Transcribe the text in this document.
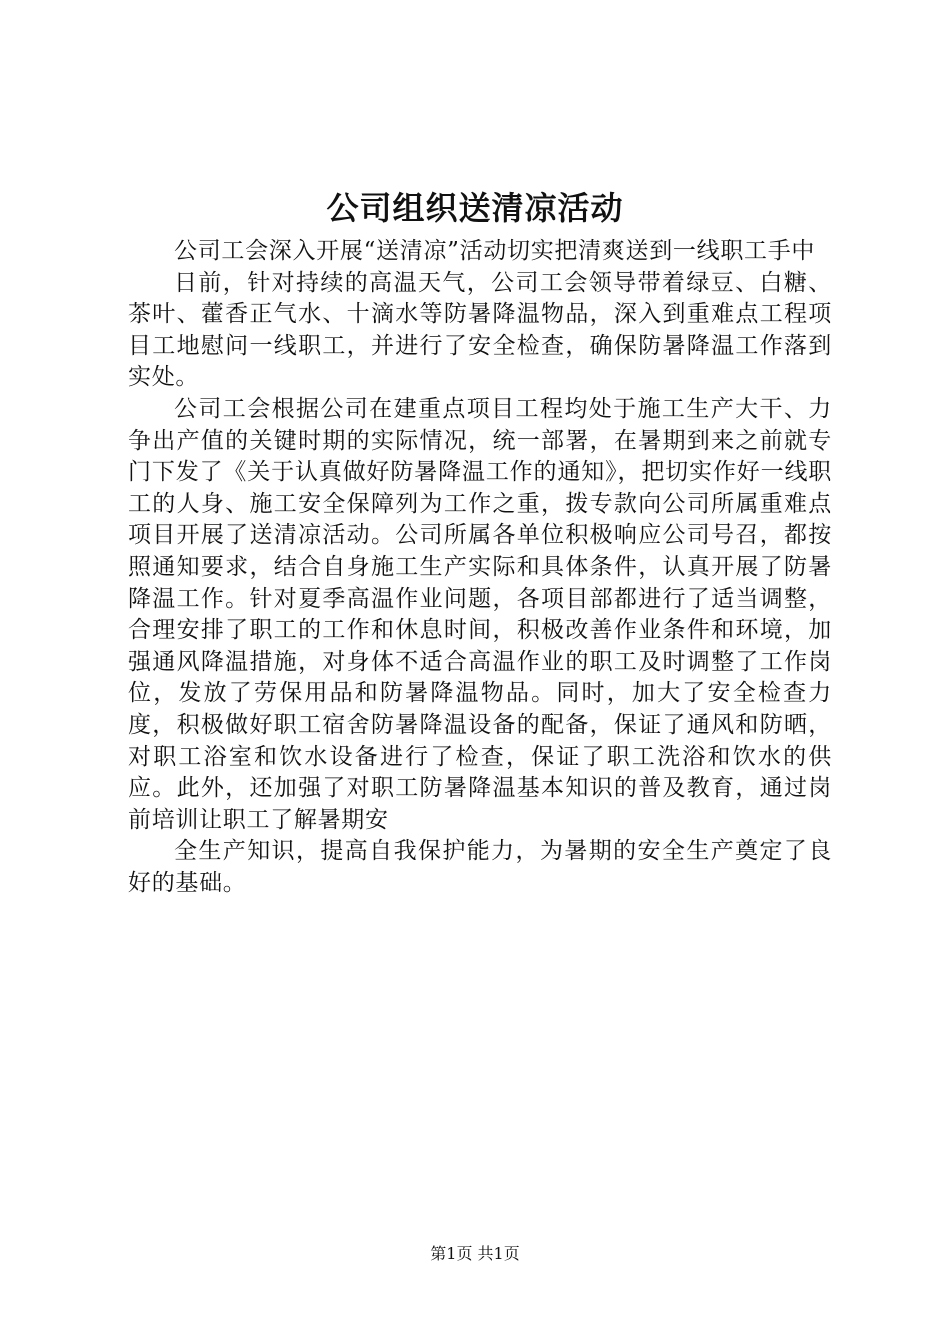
公司组织送清凉活动

公司工会深入开展“送清凉”活动切实把清爽送到一线职工手中

日前，针对持续的高温天气，公司工会领导带着绿豆、白糖、茶叶、藿香正气水、十滴水等防暑降温物品，深入到重难点工程项目工地慰问一线职工，并进行了安全检查，确保防暑降温工作落到实处。

公司工会根据公司在建重点项目工程均处于施工生产大干、力争出产值的关键时期的实际情况，统一部署，在暑期到来之前就专门下发了《关于认真做好防暑降温工作的通知》，把切实作好一线职工的人身、施工安全保障列为工作之重，拨专款向公司所属重难点项目开展了送清凉活动。公司所属各单位积极响应公司号召，都按照通知要求，结合自身施工生产实际和具体条件，认真开展了防暑降温工作。针对夏季高温作业问题，各项目部都进行了适当调整，合理安排了职工的工作和休息时间，积极改善作业条件和环境，加强通风降温措施，对身体不适合高温作业的职工及时调整了工作岗位，发放了劳保用品和防暑降温物品。同时，加大了安全检查力度，积极做好职工宿舍防暑降温设备的配备，保证了通风和防晒，对职工浴室和饮水设备进行了检查，保证了职工洗浴和饮水的供应。此外，还加强了对职工防暑降温基本知识的普及教育，通过岗前培训让职工了解暑期安

全生产知识，提高自我保护能力，为暑期的安全生产奠定了良好的基础。

第1页 共1页
